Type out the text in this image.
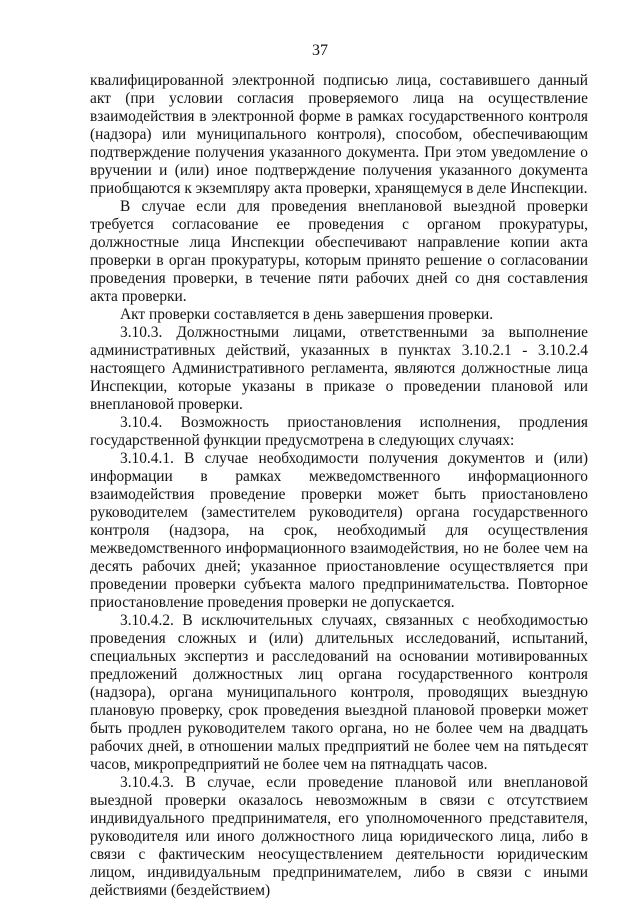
37

квалифицированной электронной подписью лица, составившего данный акт (при условии согласия проверяемого лица на осуществление взаимодействия в электронной форме в рамках государственного контроля (надзора) или муниципального контроля), способом, обеспечивающим подтверждение получения указанного документа. При этом уведомление о вручении и (или) иное подтверждение получения указанного документа приобщаются к экземпляру акта проверки, хранящемуся в деле Инспекции.

В случае если для проведения внеплановой выездной проверки требуется согласование ее проведения с органом прокуратуры, должностные лица Инспекции обеспечивают направление копии акта проверки в орган прокуратуры, которым принято решение о согласовании проведения проверки, в течение пяти рабочих дней со дня составления акта проверки.

Акт проверки составляется в день завершения проверки.

3.10.3. Должностными лицами, ответственными за выполнение административных действий, указанных в пунктах 3.10.2.1 - 3.10.2.4 настоящего Административного регламента, являются должностные лица Инспекции, которые указаны в приказе о проведении плановой или внеплановой проверки.

3.10.4. Возможность приостановления исполнения, продления государственной функции предусмотрена в следующих случаях:

3.10.4.1. В случае необходимости получения документов и (или) информации в рамках межведомственного информационного взаимодействия проведение проверки может быть приостановлено руководителем (заместителем руководителя) органа государственного контроля (надзора, на срок, необходимый для осуществления межведомственного информационного взаимодействия, но не более чем на десять рабочих дней; указанное приостановление осуществляется при проведении проверки субъекта малого предпринимательства. Повторное приостановление проведения проверки не допускается.

3.10.4.2. В исключительных случаях, связанных с необходимостью проведения сложных и (или) длительных исследований, испытаний, специальных экспертиз и расследований на основании мотивированных предложений должностных лиц органа государственного контроля (надзора), органа муниципального контроля, проводящих выездную плановую проверку, срок проведения выездной плановой проверки может быть продлен руководителем такого органа, но не более чем на двадцать рабочих дней, в отношении малых предприятий не более чем на пятьдесят часов, микропредприятий не более чем на пятнадцать часов.

3.10.4.3. В случае, если проведение плановой или внеплановой выездной проверки оказалось невозможным в связи с отсутствием индивидуального предпринимателя, его уполномоченного представителя, руководителя или иного должностного лица юридического лица, либо в связи с фактическим неосуществлением деятельности юридическим лицом, индивидуальным предпринимателем, либо в связи с иными действиями (бездействием)
